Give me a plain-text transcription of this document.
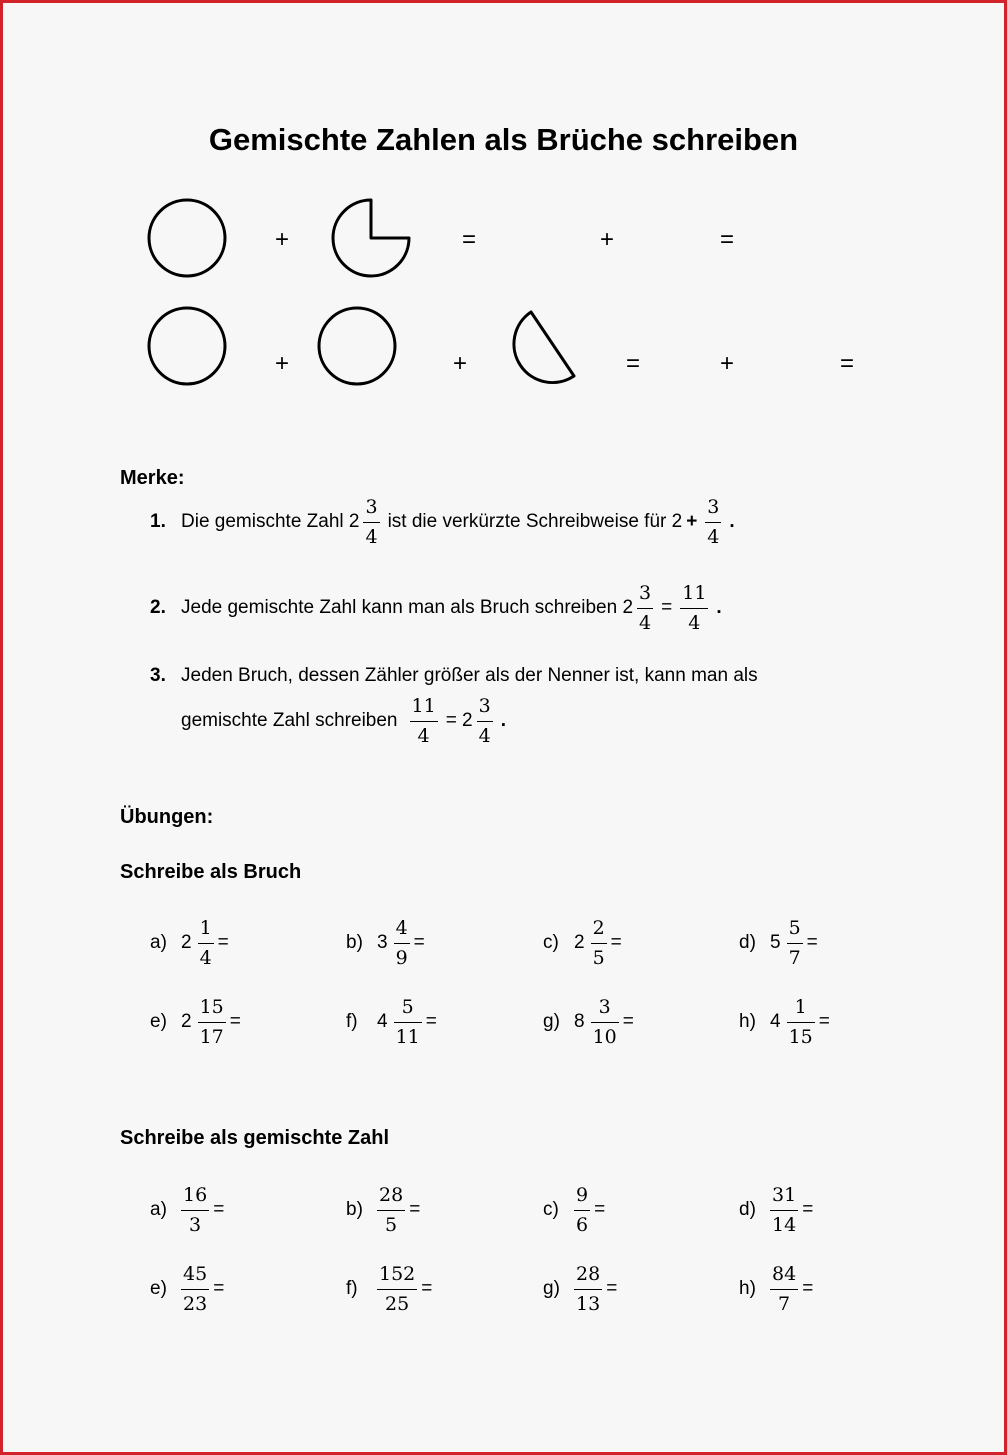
Gemischte Zahlen als Brüche schreiben
+	=	+	=
+	+	=	+	=
Merke:
1. Die gemischte Zahl $2 \frac{3}{4}$ ist die verkürzte Schreibweise für $2 + \frac{3}{4}$ .
2. Jede gemischte Zahl kann man als Bruch schreiben $2 \frac{3}{4} = \frac{11}{4}$ .
3. Jeden Bruch, dessen Zähler größer als der Nenner ist, kann man als
gemischte Zahl schreiben $\frac{11}{4} = 2 \frac{3}{4}$ .
Übungen:
Schreibe als Bruch
a) $2 \frac{1}{4}$ =	b) $3 \frac{4}{9}$ =	c) $2 \frac{2}{5}$ =	d) $5 \frac{5}{7}$ =
e) $2 \frac{15}{17}$ =	f)	$4 \frac{5}{11}$ =	g) $8 \frac{3}{10}$ =	h) $4 \frac{1}{15}$ =
Schreibe als gemischte Zahl
$a) \frac{16}{3}$ =	$b) \frac{28}{5}$ =	$c) \frac{9}{6}$ =	$d) \frac{31}{14}$ =
$e) \frac{45}{23}$ =	f)	$\frac{152}{25}$ =	$g) \frac{28}{13}$ =	$h) \frac{84}{7}$ =
